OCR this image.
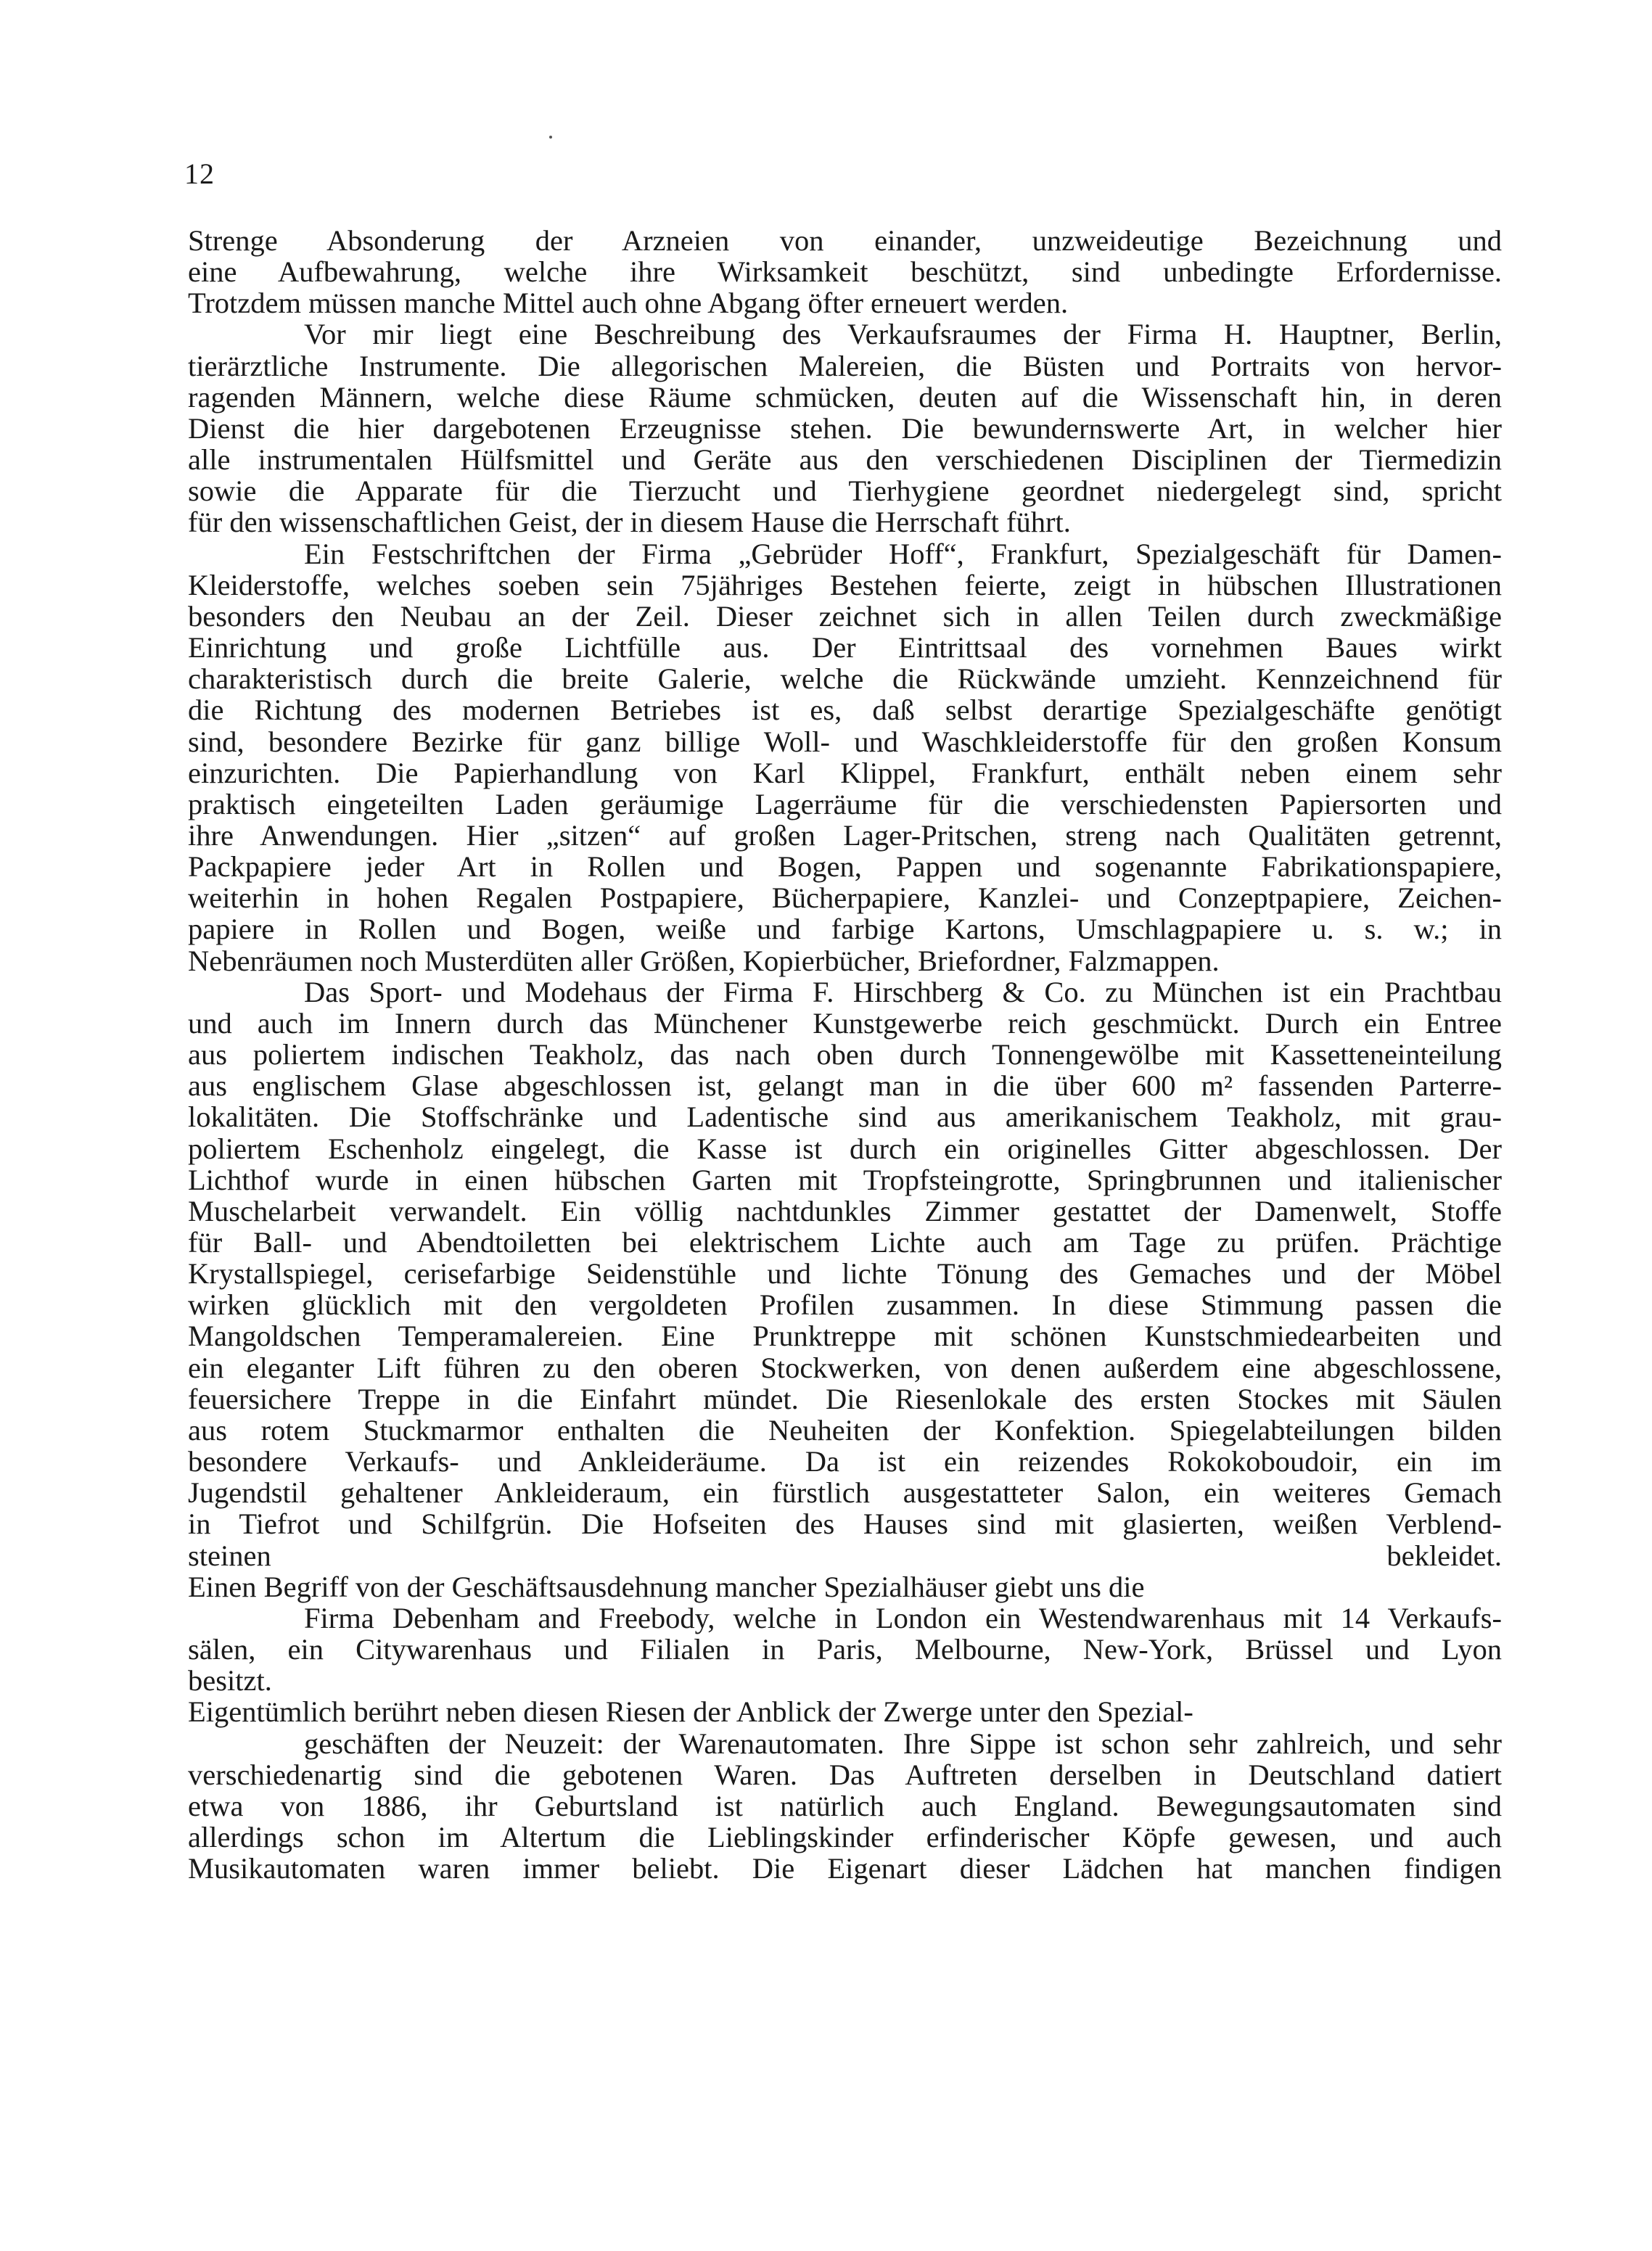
12

Strenge Absonderung der Arzneien von einander, unzweideutige Bezeichnung und

eine Aufbewahrung, welche ihre Wirksamkeit beschützt, sind unbedingte Erfordernisse.

Trotzdem müssen manche Mittel auch ohne Abgang öfter erneuert werden.

Vor mir liegt eine Beschreibung des Verkaufsraumes der Firma H. Hauptner, Berlin,

tierärztliche Instrumente. Die allegorischen Malereien, die Büsten und Portraits von hervor-

ragenden Männern, welche diese Räume schmücken, deuten auf die Wissenschaft hin, in deren

Dienst die hier dargebotenen Erzeugnisse stehen. Die bewundernswerte Art, in welcher hier

alle instrumentalen Hülfsmittel und Geräte aus den verschiedenen Disciplinen der Tiermedizin

sowie die Apparate für die Tierzucht und Tierhygiene geordnet niedergelegt sind, spricht

für den wissenschaftlichen Geist, der in diesem Hause die Herrschaft führt.

Ein Festschriftchen der Firma „Gebrüder Hoff“, Frankfurt, Spezialgeschäft für Damen-

Kleiderstoffe, welches soeben sein 75jähriges Bestehen feierte, zeigt in hübschen Illustrationen

besonders den Neubau an der Zeil. Dieser zeichnet sich in allen Teilen durch zweckmäßige

Einrichtung und große Lichtfülle aus. Der Eintrittsaal des vornehmen Baues wirkt

charakteristisch durch die breite Galerie, welche die Rückwände umzieht. Kennzeichnend für

die Richtung des modernen Betriebes ist es, daß selbst derartige Spezialgeschäfte genötigt

sind, besondere Bezirke für ganz billige Woll- und Waschkleiderstoffe für den großen Konsum

einzurichten. Die Papierhandlung von Karl Klippel, Frankfurt, enthält neben einem sehr

praktisch eingeteilten Laden geräumige Lagerräume für die verschiedensten Papiersorten und

ihre Anwendungen. Hier „sitzen“ auf großen Lager-Pritschen, streng nach Qualitäten getrennt,

Packpapiere jeder Art in Rollen und Bogen, Pappen und sogenannte Fabrikationspapiere,

weiterhin in hohen Regalen Postpapiere, Bücherpapiere, Kanzlei- und Conzeptpapiere, Zeichen-

papiere in Rollen und Bogen, weiße und farbige Kartons, Umschlagpapiere u. s. w.; in

Nebenräumen noch Musterdüten aller Größen, Kopierbücher, Briefordner, Falzmappen.

Das Sport- und Modehaus der Firma F. Hirschberg & Co. zu München ist ein Prachtbau

und auch im Innern durch das Münchener Kunstgewerbe reich geschmückt. Durch ein Entree

aus poliertem indischen Teakholz, das nach oben durch Tonnengewölbe mit Kassetteneinteilung

aus englischem Glase abgeschlossen ist, gelangt man in die über 600 m² fassenden Parterre-

lokalitäten. Die Stoffschränke und Ladentische sind aus amerikanischem Teakholz, mit grau-

poliertem Eschenholz eingelegt, die Kasse ist durch ein originelles Gitter abgeschlossen. Der

Lichthof wurde in einen hübschen Garten mit Tropfsteingrotte, Springbrunnen und italienischer

Muschelarbeit verwandelt. Ein völlig nachtdunkles Zimmer gestattet der Damenwelt, Stoffe

für Ball- und Abendtoiletten bei elektrischem Lichte auch am Tage zu prüfen. Prächtige

Krystallspiegel, cerisefarbige Seidenstühle und lichte Tönung des Gemaches und der Möbel

wirken glücklich mit den vergoldeten Profilen zusammen. In diese Stimmung passen die

Mangoldschen Temperamalereien. Eine Prunktreppe mit schönen Kunstschmiedearbeiten und

ein eleganter Lift führen zu den oberen Stockwerken, von denen außerdem eine abgeschlossene,

feuersichere Treppe in die Einfahrt mündet. Die Riesenlokale des ersten Stockes mit Säulen

aus rotem Stuckmarmor enthalten die Neuheiten der Konfektion. Spiegelabteilungen bilden

besondere Verkaufs- und Ankleideräume. Da ist ein reizendes Rokokoboudoir, ein im

Jugendstil gehaltener Ankleideraum, ein fürstlich ausgestatteter Salon, ein weiteres Gemach

in Tiefrot und Schilfgrün. Die Hofseiten des Hauses sind mit glasierten, weißen Verblend-

steinen bekleidet.

Einen Begriff von der Geschäftsausdehnung mancher Spezialhäuser giebt uns die

Firma Debenham and Freebody, welche in London ein Westendwarenhaus mit 14 Verkaufs-

sälen, ein Citywarenhaus und Filialen in Paris, Melbourne, New-York, Brüssel und Lyon

besitzt.

Eigentümlich berührt neben diesen Riesen der Anblick der Zwerge unter den Spezial-

geschäften der Neuzeit: der Warenautomaten. Ihre Sippe ist schon sehr zahlreich, und sehr

verschiedenartig sind die gebotenen Waren. Das Auftreten derselben in Deutschland datiert

etwa von 1886, ihr Geburtsland ist natürlich auch England. Bewegungsautomaten sind

allerdings schon im Altertum die Lieblingskinder erfinderischer Köpfe gewesen, und auch

Musikautomaten waren immer beliebt. Die Eigenart dieser Lädchen hat manchen findigen
